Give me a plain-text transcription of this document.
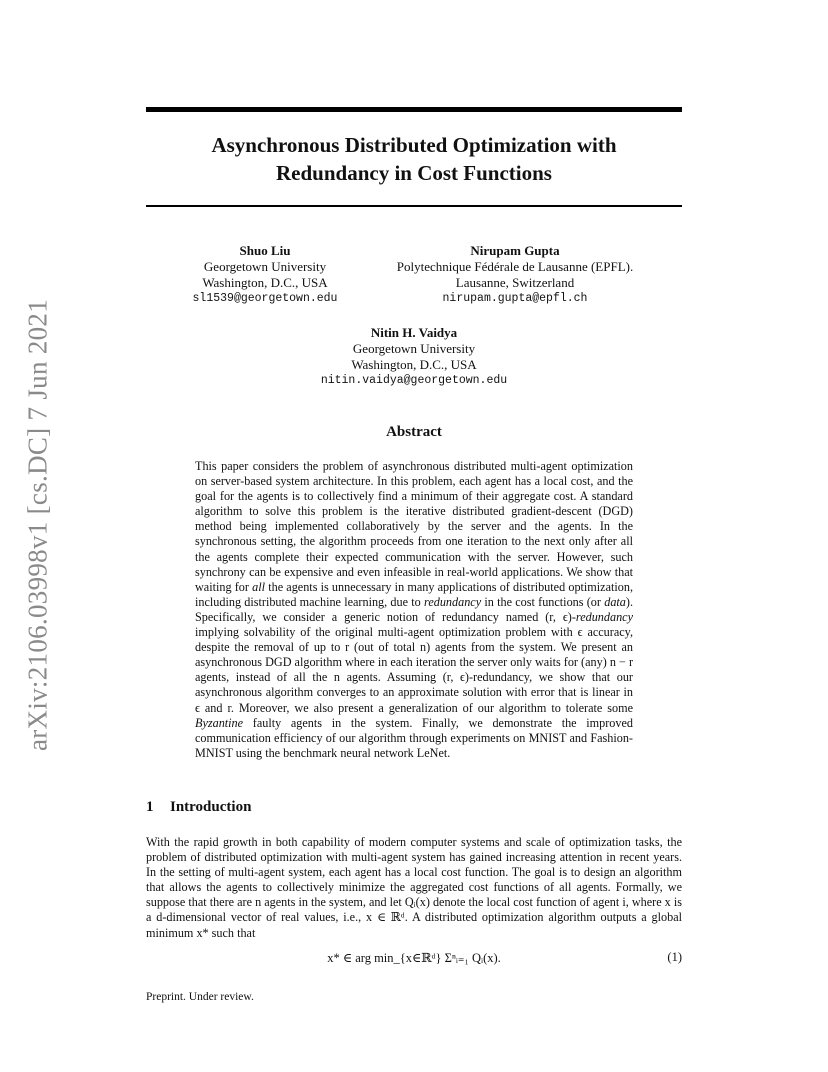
arXiv:2106.03998v1 [cs.DC] 7 Jun 2021
Asynchronous Distributed Optimization with
Redundancy in Cost Functions
Shuo Liu
Georgetown University
Washington, D.C., USA
sl1539@georgetown.edu
Nirupam Gupta
Polytechnique Fédérale de Lausanne (EPFL).
Lausanne, Switzerland
nirupam.gupta@epfl.ch
Nitin H. Vaidya
Georgetown University
Washington, D.C., USA
nitin.vaidya@georgetown.edu
Abstract

This paper considers the problem of asynchronous distributed multi-agent optimization on server-based system architecture. In this problem, each agent has a local cost, and the goal for the agents is to collectively find a minimum of their aggregate cost. A standard algorithm to solve this problem is the iterative distributed gradient-descent (DGD) method being implemented collaboratively by the server and the agents. In the synchronous setting, the algorithm proceeds from one iteration to the next only after all the agents complete their expected communication with the server. However, such synchrony can be expensive and even infeasible in real-world applications. We show that waiting for all the agents is unnecessary in many applications of distributed optimization, including distributed machine learning, due to redundancy in the cost functions (or data). Specifically, we consider a generic notion of redundancy named (r, ϵ)-redundancy implying solvability of the original multi-agent optimization problem with ϵ accuracy, despite the removal of up to r (out of total n) agents from the system. We present an asynchronous DGD algorithm where in each iteration the server only waits for (any) n − r agents, instead of all the n agents. Assuming (r, ϵ)-redundancy, we show that our asynchronous algorithm converges to an approximate solution with error that is linear in ϵ and r. Moreover, we also present a generalization of our algorithm to tolerate some Byzantine faulty agents in the system. Finally, we demonstrate the improved communication efficiency of our algorithm through experiments on MNIST and Fashion-MNIST using the benchmark neural network LeNet.

1 Introduction

With the rapid growth in both capability of modern computer systems and scale of optimization tasks, the problem of distributed optimization with multi-agent system has gained increasing attention in recent years. In the setting of multi-agent system, each agent has a local cost function. The goal is to design an algorithm that allows the agents to collectively minimize the aggregated cost functions of all agents. Formally, we suppose that there are n agents in the system, and let Qᵢ(x) denote the local cost function of agent i, where x is a d-dimensional vector of real values, i.e., x ∈ ℝᵈ. A distributed optimization algorithm outputs a global minimum x* such that

x* ∈ arg min_{x∈ℝᵈ} Σⁿᵢ₌₁ Qᵢ(x).	(1)
Preprint. Under review.
